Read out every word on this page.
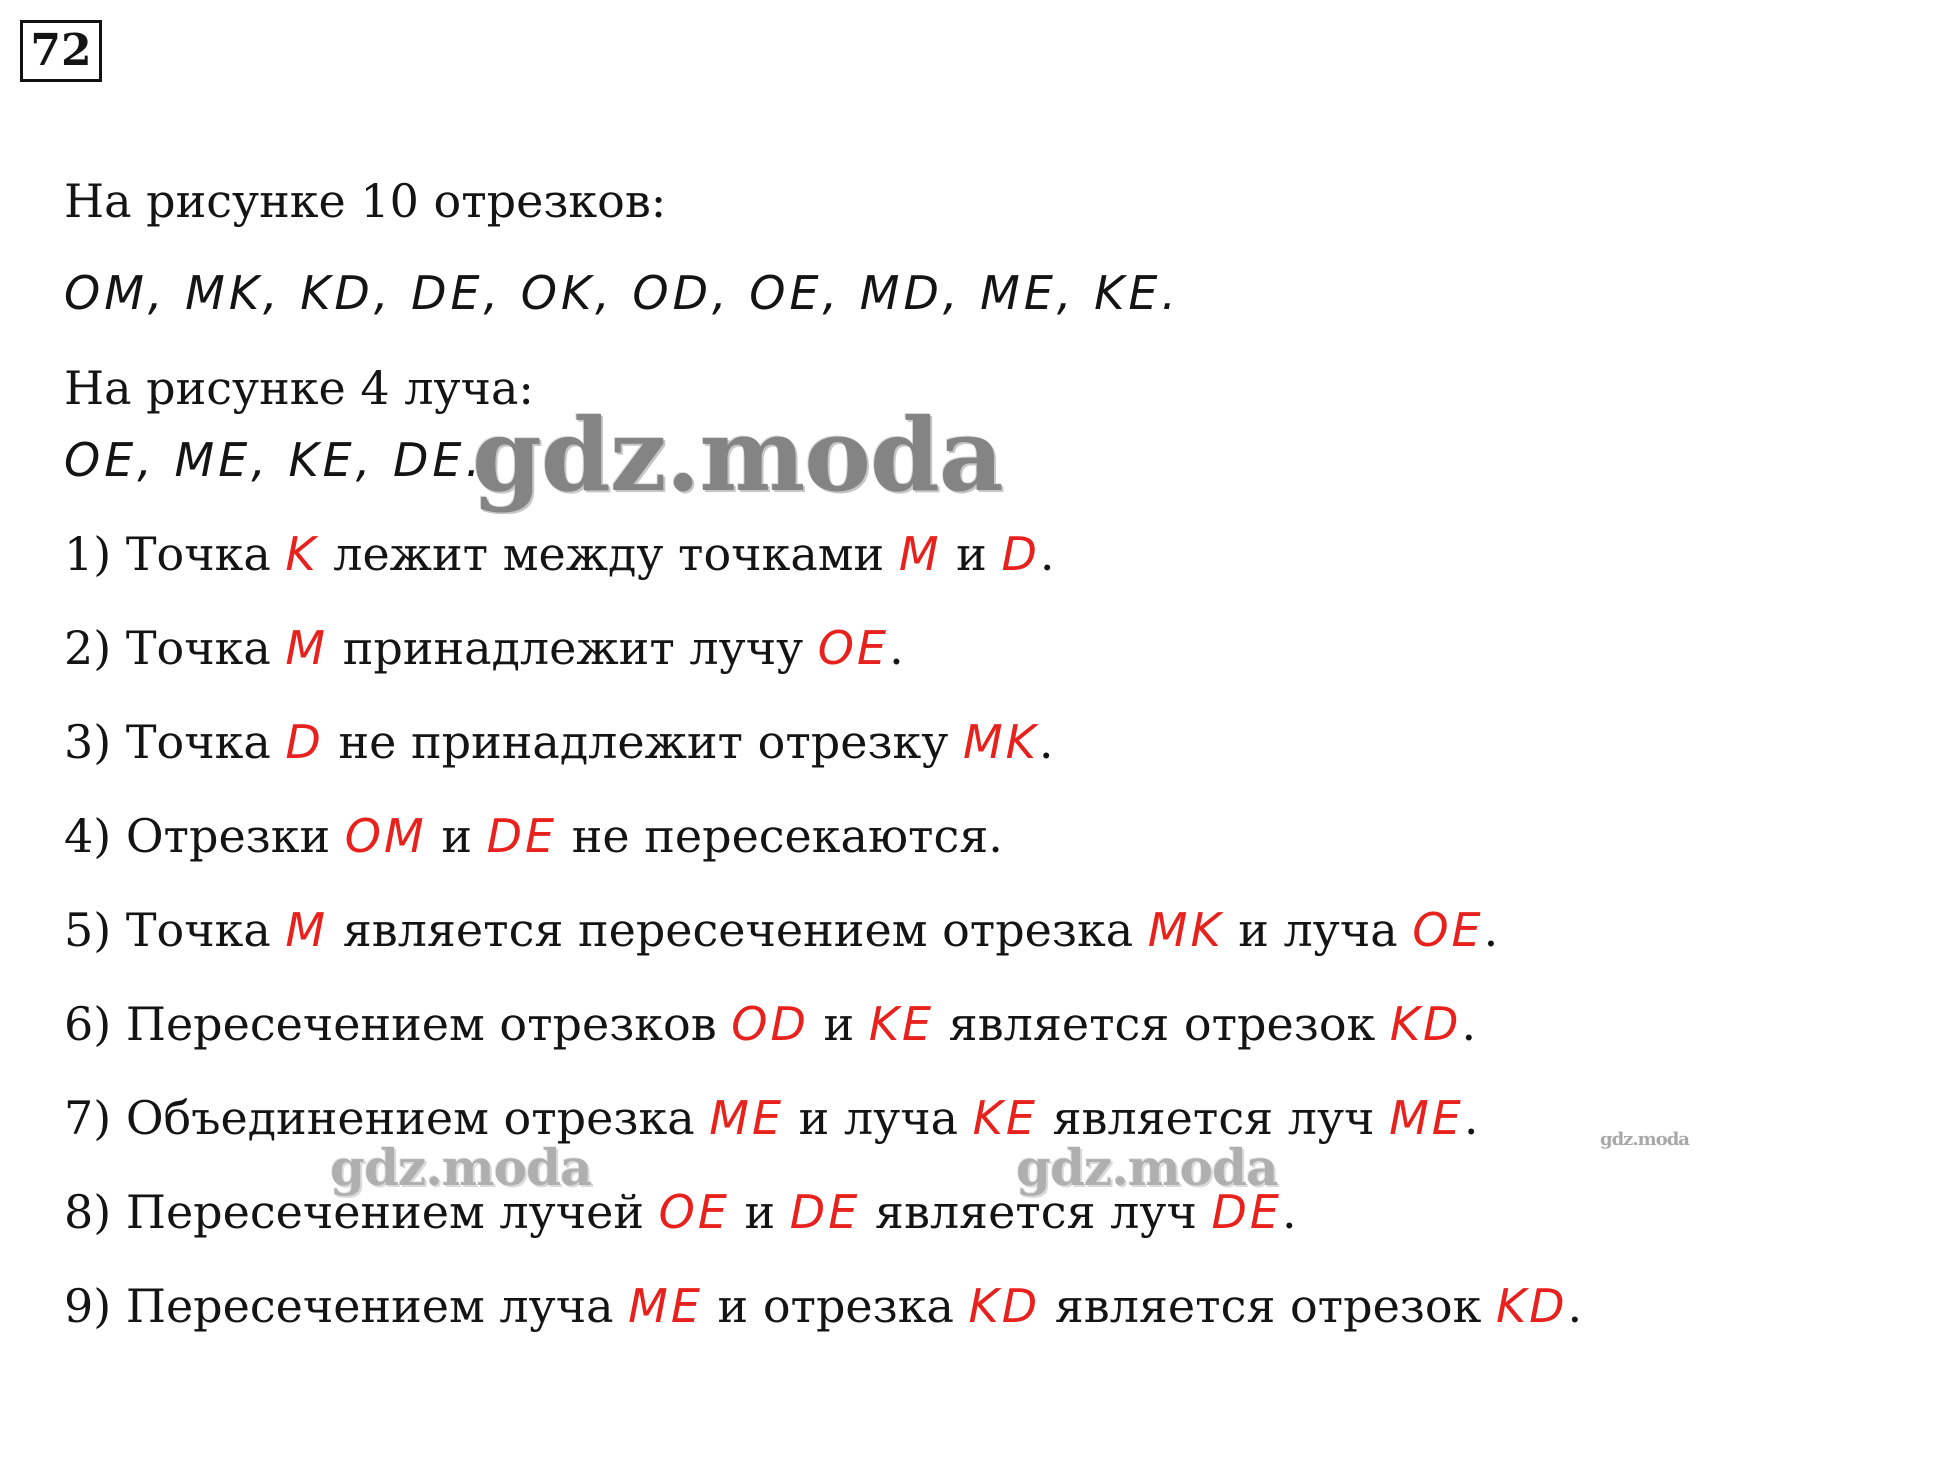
72
На рисунке 10 отрезков:
OM, MK, KD, DE, OK, OD, OE, MD, ME, KE.
На рисунке 4 луча:
OE, ME, KE, DE.
1) Точка K лежит между точками M и D.
2) Точка M принадлежит лучу OE.
3) Точка D не принадлежит отрезку MK.
4) Отрезки OM и DE не пересекаются.
5) Точка M является пересечением отрезка MK и луча OE.
6) Пересечением отрезков OD и KE является отрезок KD.
7) Объединением отрезка ME и луча KE является луч ME.
8) Пересечением лучей OE и DE является луч DE.
9) Пересечением луча ME и отрезка KD является отрезок KD.
gdz.moda
gdz.moda	gdz.moda	gdz.moda
